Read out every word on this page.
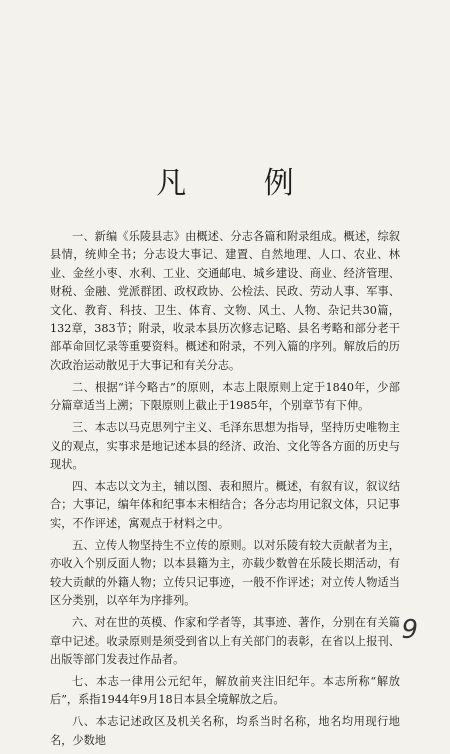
凡 例

一、新编《乐陵县志》由概述、分志各篇和附录组成。概述，综叙县情，统帅全书；分志设大事记、建置、自然地理、人口、农业、林业、金丝小枣、水利、工业、交通邮电、城乡建设、商业、经济管理、财税、金融、党派群团、政权政协、公检法、民政、劳动人事、军事、文化、教育、科技、卫生、体育、文物、风土、人物、杂记共30篇，132章，383节；附录，收录本县历次修志记略、县名考略和部分老干部革命回忆录等重要资料。概述和附录，不列入篇的序列。解放后的历次政治运动散见于大事记和有关分志。

二、根据“详今略古”的原则，本志上限原则上定于1840年，少部分篇章适当上溯；下限原则上截止于1985年，个别章节有下伸。

三、本志以马克思列宁主义、毛泽东思想为指导，坚持历史唯物主义的观点，实事求是地记述本县的经济、政治、文化等各方面的历史与现状。

四、本志以文为主，辅以图、表和照片。概述，有叙有议，叙议结合；大事记，编年体和纪事本末相结合；各分志均用记叙文体，只记事实，不作评述，寓观点于材料之中。

五、立传人物坚持生不立传的原则。以对乐陵有较大贡献者为主，亦收入个别反面人物；以本县籍为主，亦载少数曾在乐陵长期活动，有较大贡献的外籍人物；立传只记事迹，一般不作评述；对立传人物适当区分类别，以卒年为序排列。

六、对在世的英模、作家和学者等，其事迹、著作，分别在有关篇章中记述。收录原则是须受到省以上有关部门的表彰，在省以上报刊、出版等部门发表过作品者。

七、本志一律用公元纪年，解放前夹注旧纪年。本志所称“解放后”，系指1944年9月18日本县全境解放之后。

八、本志记述政区及机关名称，均系当时名称，地名均用现行地名，少数地

9
